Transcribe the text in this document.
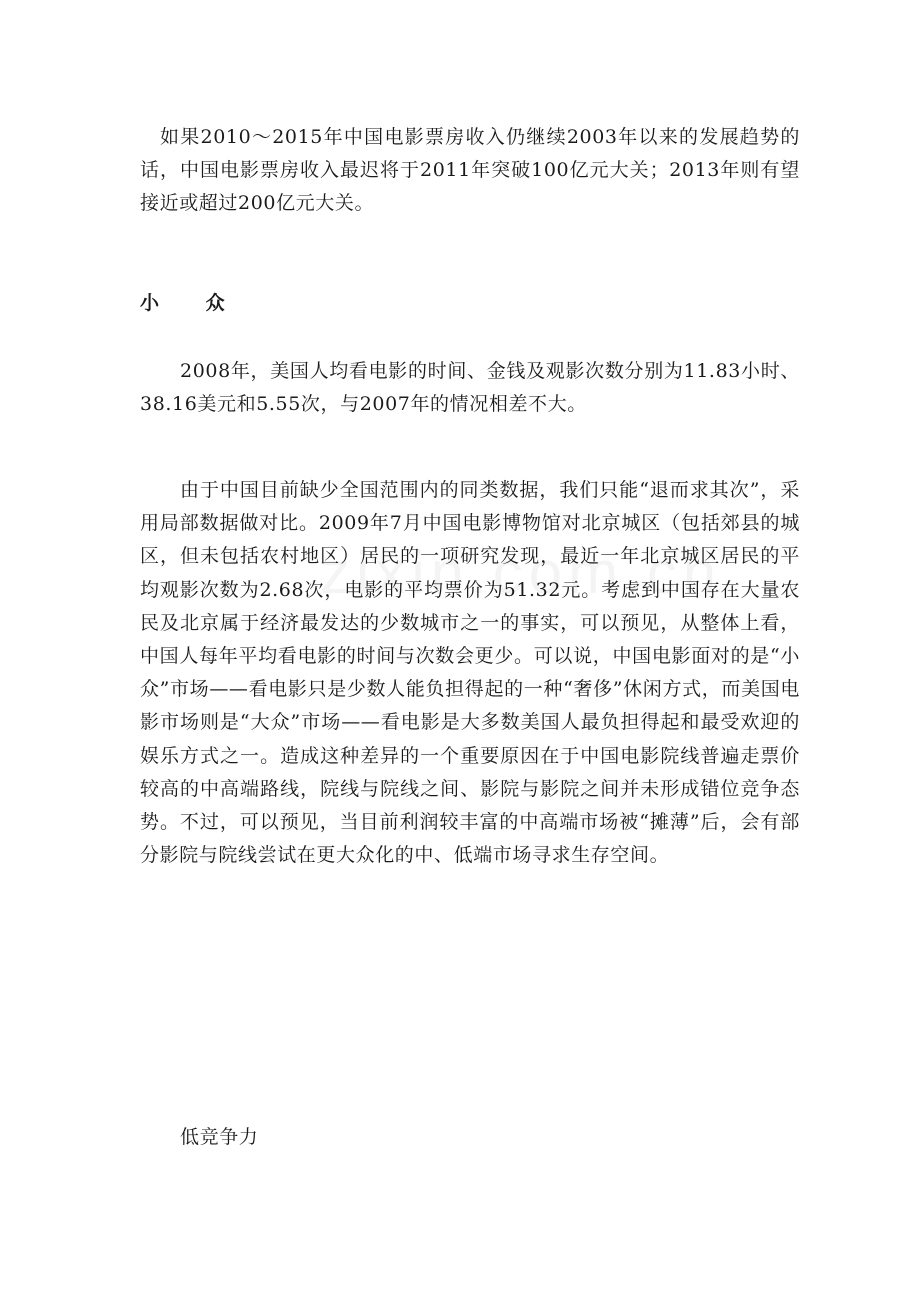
如果2010～2015年中国电影票房收入仍继续2003年以来的发展趋势的话，中国电影票房收入最迟将于2011年突破100亿元大关；2013年则有望接近或超过200亿元大关。

小 众

2008年，美国人均看电影的时间、金钱及观影次数分别为11.83小时、38.16美元和5.55次，与2007年的情况相差不大。

由于中国目前缺少全国范围内的同类数据，我们只能“退而求其次”，采用局部数据做对比。2009年7月中国电影博物馆对北京城区（包括郊县的城区，但未包括农村地区）居民的一项研究发现，最近一年北京城区居民的平均观影次数为2.68次，电影的平均票价为51.32元。考虑到中国存在大量农民及北京属于经济最发达的少数城市之一的事实，可以预见，从整体上看，中国人每年平均看电影的时间与次数会更少。可以说，中国电影面对的是“小众”市场——看电影只是少数人能负担得起的一种“奢侈”休闲方式，而美国电影市场则是“大众”市场——看电影是大多数美国人最负担得起和最受欢迎的娱乐方式之一。造成这种差异的一个重要原因在于中国电影院线普遍走票价较高的中高端路线，院线与院线之间、影院与影院之间并未形成错位竞争态势。不过，可以预见，当目前利润较丰富的中高端市场被“摊薄”后，会有部分影院与院线尝试在更大众化的中、低端市场寻求生存空间。

低竞争力
